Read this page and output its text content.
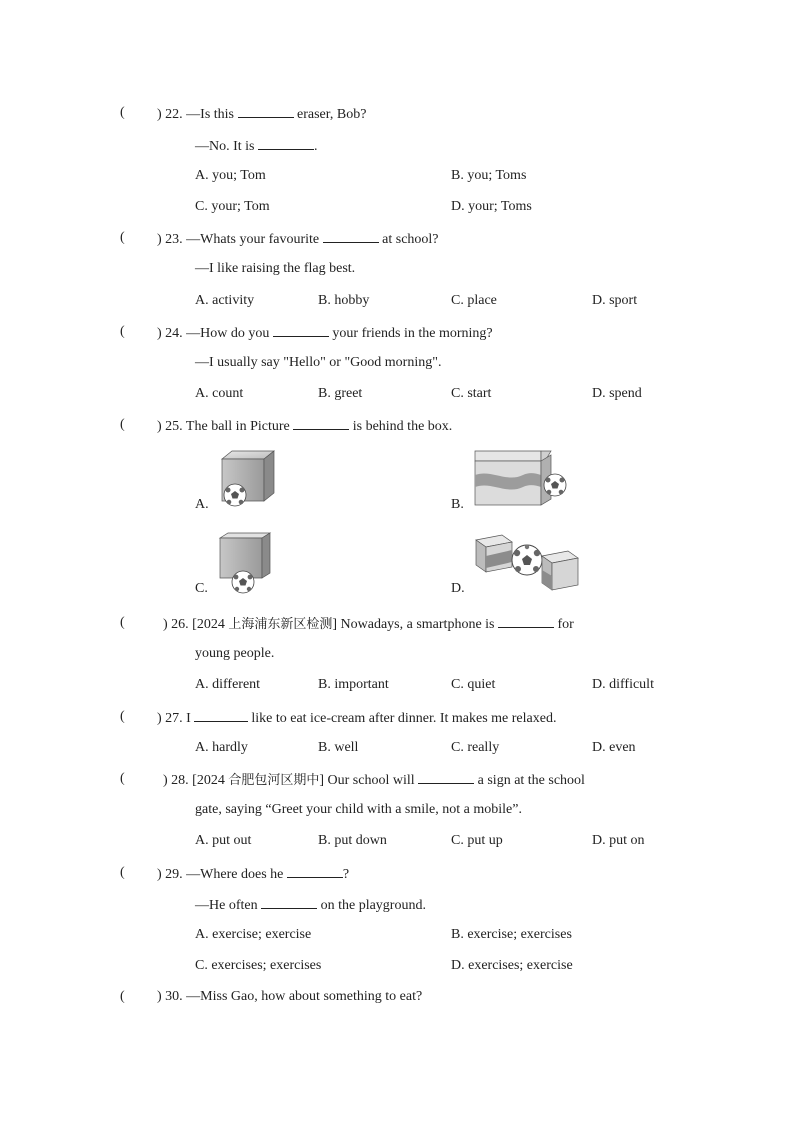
( ) 22. —Is this	eraser, Bob?
—No. It is	.
A. you; Tom	B. you; Toms
C. your; Tom	D. your; Toms
( ) 23. —Whats your favourite	at school?
—I like raising the flag best.
A. activity	B. hobby	C. place	D. sport
( ) 24. —How do you	your friends in the morning?
—I usually say "Hello" or "Good morning".
A. count	B. greet	C. start	D. spend
( ) 25. The ball in Picture	is behind the box.
A.	B.
C.	D.
(	) 26. [2024 上海浦东新区检测] Nowadays, a smartphone is	for
young people.
A. different	B. important	C. quiet	D. difficult
( ) 27. I	like to eat ice-cream after dinner. It makes me relaxed.
A. hardly	B. well	C. really	D. even
(	) 28. [2024 合肥包河区期中] Our school will	a sign at the school
gate, saying “Greet your child with a smile, not a mobile”.
A. put out	B. put down	C. put up	D. put on
( ) 29. —Where does he	?
—He often	on the playground.
A. exercise; exercise	B. exercise; exercises
C. exercises; exercises	D. exercises; exercise
( ) 30. —Miss Gao, how about something to eat?
